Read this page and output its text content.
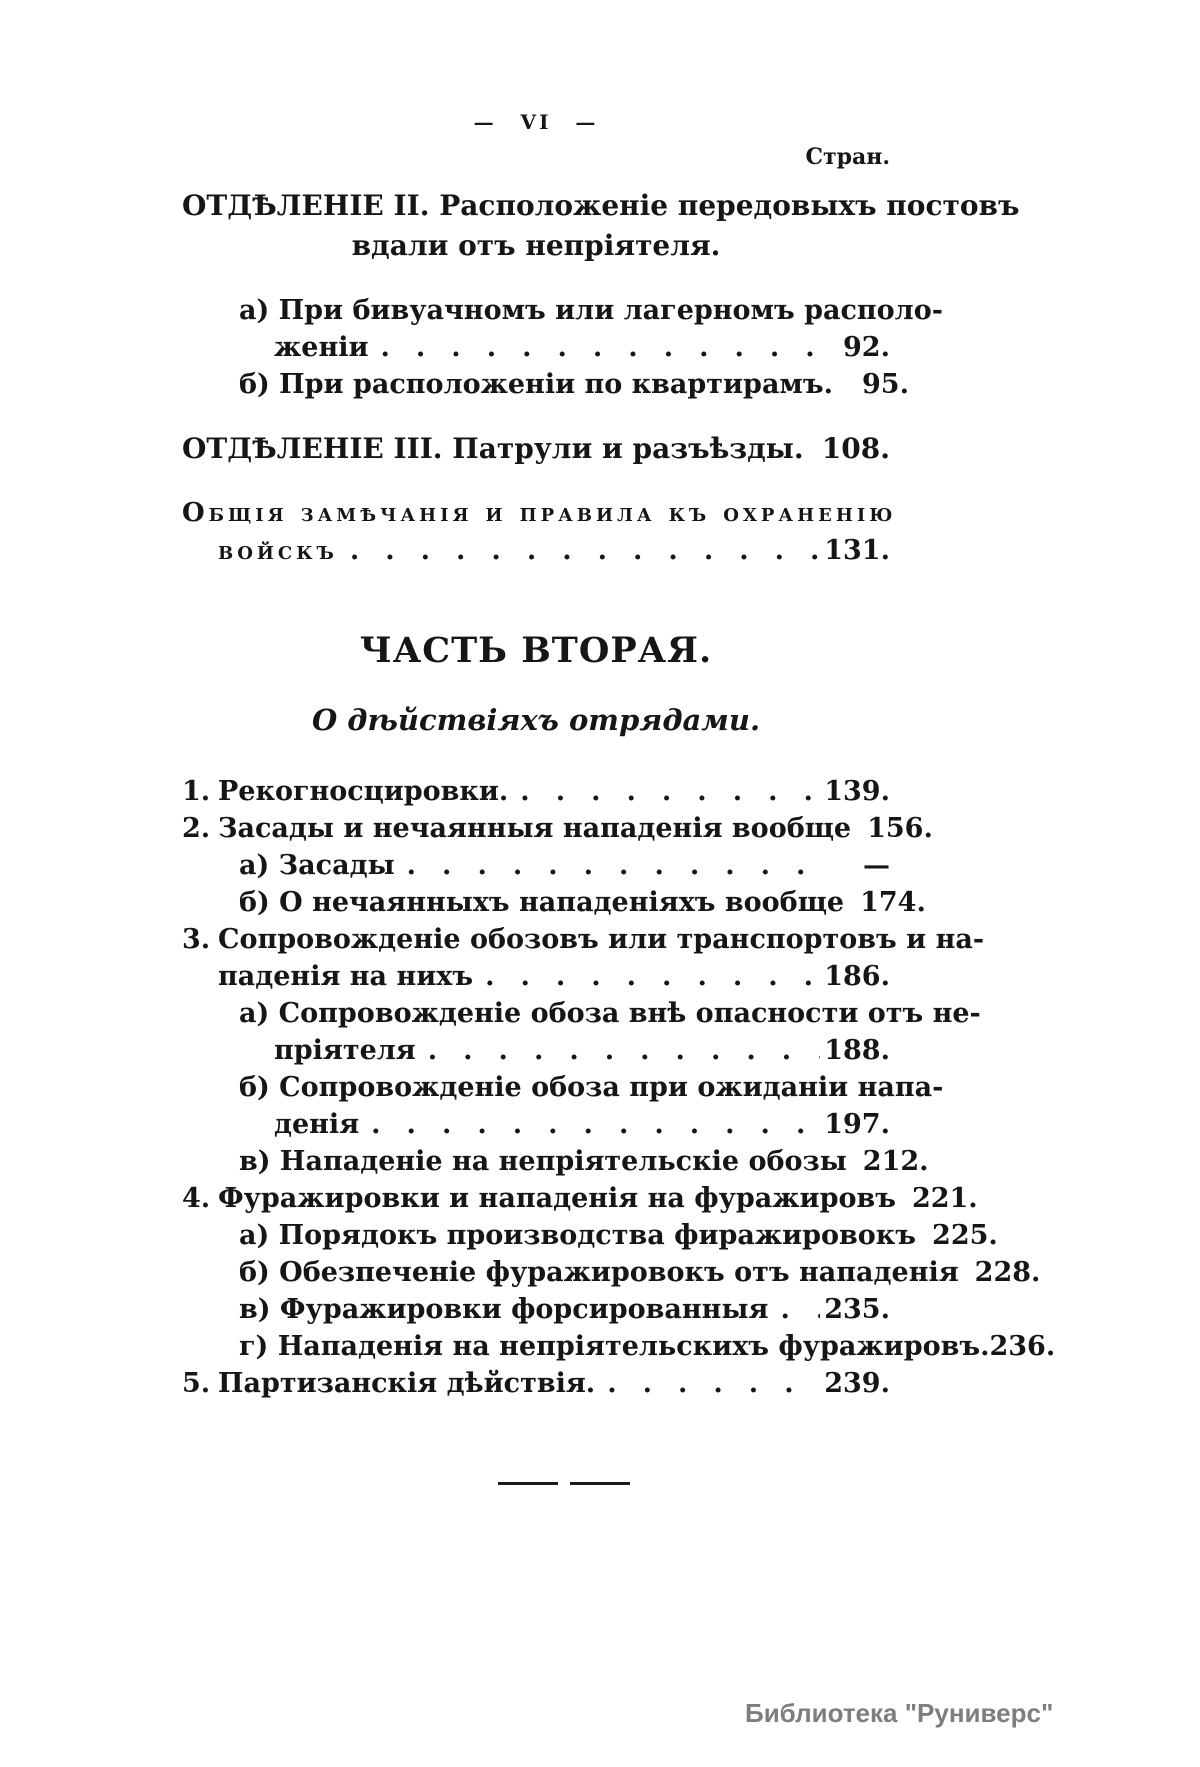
— VI —
Стран.
ОТДѢЛЕНІЕ II. Расположеніе передовыхъ постовъ
вдали отъ непріятеля.
а) При бивуачномъ или лагерномъ располо-
женіи .....	92.
б) При расположеніи по квартирамъ.	95.
ОТДѢЛЕНІЕ III. Патрули и разъѣзды. ..... 108.
Общія замѣчанія и правила къ охраненію
войскъ .....	131.
ЧАСТЬ ВТОРАЯ.
О дѣйствіяхъ отрядами.
1. Рекогносцировки. .....	139.
2. Засады и нечаянныя нападенія вообще 156.
а) Засады .....	—
б) О нечаянныхъ нападеніяхъ вообще 174.
3. Сопровожденіе обозовъ или транспортовъ и на-
паденія на нихъ .....	186.
а) Сопровожденіе обоза внѣ опасности отъ не-
пріятеля .....	188.
б) Сопровожденіе обоза при ожиданіи напа-
денія .....	197.
в) Нападеніе на непріятельскіе обозы 212.
4. Фуражировки и нападенія на фуражировъ 221.
а) Порядокъ производства фиражировокъ 225.
б) Обезпеченіе фуражировокъ отъ нападенія 228.
в) Фуражировки форсированныя ..... 235.
г) Нападенія на непріятельскихъ фуражировъ. 236.
5. Партизанскія дѣйствія. .....	239.
Библиотека "Руниверс"
